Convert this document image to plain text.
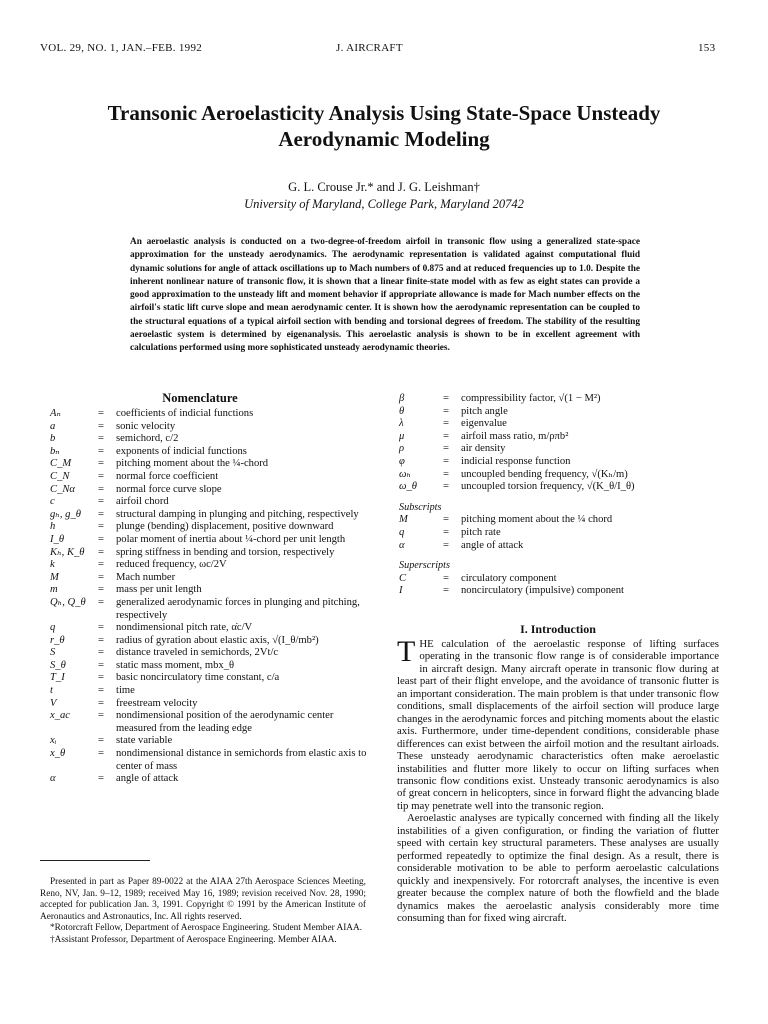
VOL. 29, NO. 1, JAN.–FEB. 1992	J. AIRCRAFT	153
Transonic Aeroelasticity Analysis Using State-Space Unsteady
Aerodynamic Modeling
G. L. Crouse Jr.* and J. G. Leishman†
University of Maryland, College Park, Maryland 20742
An aeroelastic analysis is conducted on a two-degree-of-freedom airfoil in transonic flow using a generalized state-space approximation for the unsteady aerodynamics. The aerodynamic representation is validated against computational fluid dynamic solutions for angle of attack oscillations up to Mach numbers of 0.875 and at reduced frequencies up to 1.0. Despite the inherent nonlinear nature of transonic flow, it is shown that a linear finite-state model with as few as eight states can provide a good approximation to the unsteady lift and moment behavior if appropriate allowance is made for Mach number effects on the airfoil's static lift curve slope and mean aerodynamic center. It is shown how the aerodynamic representation can be coupled to the structural equations of a typical airfoil section with bending and torsional degrees of freedom. The stability of the resulting aeroelastic system is determined by eigenanalysis. This aeroelastic analysis is shown to be in excellent agreement with calculations performed using more sophisticated unsteady aerodynamic theories.
Nomenclature
Aₙ	=	coefficients of indicial functions
a	=	sonic velocity
b	=	semichord, c/2
bₙ	=	exponents of indicial functions
C_M	=	pitching moment about the ¼-chord
C_N	=	normal force coefficient
C_Nα	=	normal force curve slope
c	=	airfoil chord
gₕ, g_θ	=	structural damping in plunging and pitching, respectively
h	=	plunge (bending) displacement, positive downward
I_θ	=	polar moment of inertia about ¼-chord per unit length
Kₕ, K_θ	=	spring stiffness in bending and torsion, respectively
k	=	reduced frequency, ωc/2V
M	=	Mach number
m	=	mass per unit length
Qₕ, Q_θ	=	generalized aerodynamic forces in plunging and pitching, respectively
q	=	nondimensional pitch rate, α̇c/V
r_θ	=	radius of gyration about elastic axis, √(I_θ/mb²)
S	=	distance traveled in semichords, 2Vt/c
S_θ	=	static mass moment, mbx_θ
T_I	=	basic noncirculatory time constant, c/a
t	=	time
V	=	freestream velocity
x_ac	=	nondimensional position of the aerodynamic center measured from the leading edge
xᵢ	=	state variable
x_θ	=	nondimensional distance in semichords from elastic axis to center of mass
α	=	angle of attack
β	=	compressibility factor, √(1 − M²)
θ	=	pitch angle
λ	=	eigenvalue
μ	=	airfoil mass ratio, m/ρπb²
ρ	=	air density
φ	=	indicial response function
ωₕ	=	uncoupled bending frequency, √(Kₕ/m)
ω_θ	=	uncoupled torsion frequency, √(K_θ/I_θ)
Subscripts
M	=	pitching moment about the ¼ chord
q	=	pitch rate
α	=	angle of attack
Superscripts
C	=	circulatory component
I	=	noncirculatory (impulsive) component
I. Introduction

THE calculation of the aeroelastic response of lifting surfaces operating in the transonic flow range is of considerable importance in aircraft design. Many aircraft operate in transonic flow during at least part of their flight envelope, and the avoidance of transonic flutter is an important consideration. The main problem is that under transonic flow conditions, small displacements of the airfoil section will produce large changes in the aerodynamic forces and pitching moments about the elastic axis. Furthermore, under time-dependent conditions, considerable phase differences can exist between the airfoil motion and the resultant airloads. These unsteady aerodynamic characteristics often make aeroelastic instabilities and flutter more likely to occur on lifting surfaces when transonic flow conditions exist. Unsteady transonic aerodynamics is also of great concern in helicopters, since in forward flight the advancing blade tip may penetrate well into the transonic region.

Aeroelastic analyses are typically concerned with finding all the likely instabilities of a given configuration, or finding the variation of flutter speed with certain key structural parameters. These analyses are usually performed repeatedly to optimize the final design. As a result, there is considerable motivation to be able to perform aeroelastic calculations quickly and inexpensively. For rotorcraft analyses, the incentive is even greater because the complex nature of both the flowfield and the blade dynamics makes the aeroelastic analysis considerably more time consuming than for fixed wing aircraft.

Presented in part as Paper 89-0022 at the AIAA 27th Aerospace Sciences Meeting, Reno, NV, Jan. 9–12, 1989; received May 16, 1989; revision received Nov. 28, 1990; accepted for publication Jan. 3, 1991. Copyright © 1991 by the American Institute of Aeronautics and Astronautics, Inc. All rights reserved.

*Rotorcraft Fellow, Department of Aerospace Engineering. Student Member AIAA.

†Assistant Professor, Department of Aerospace Engineering. Member AIAA.
